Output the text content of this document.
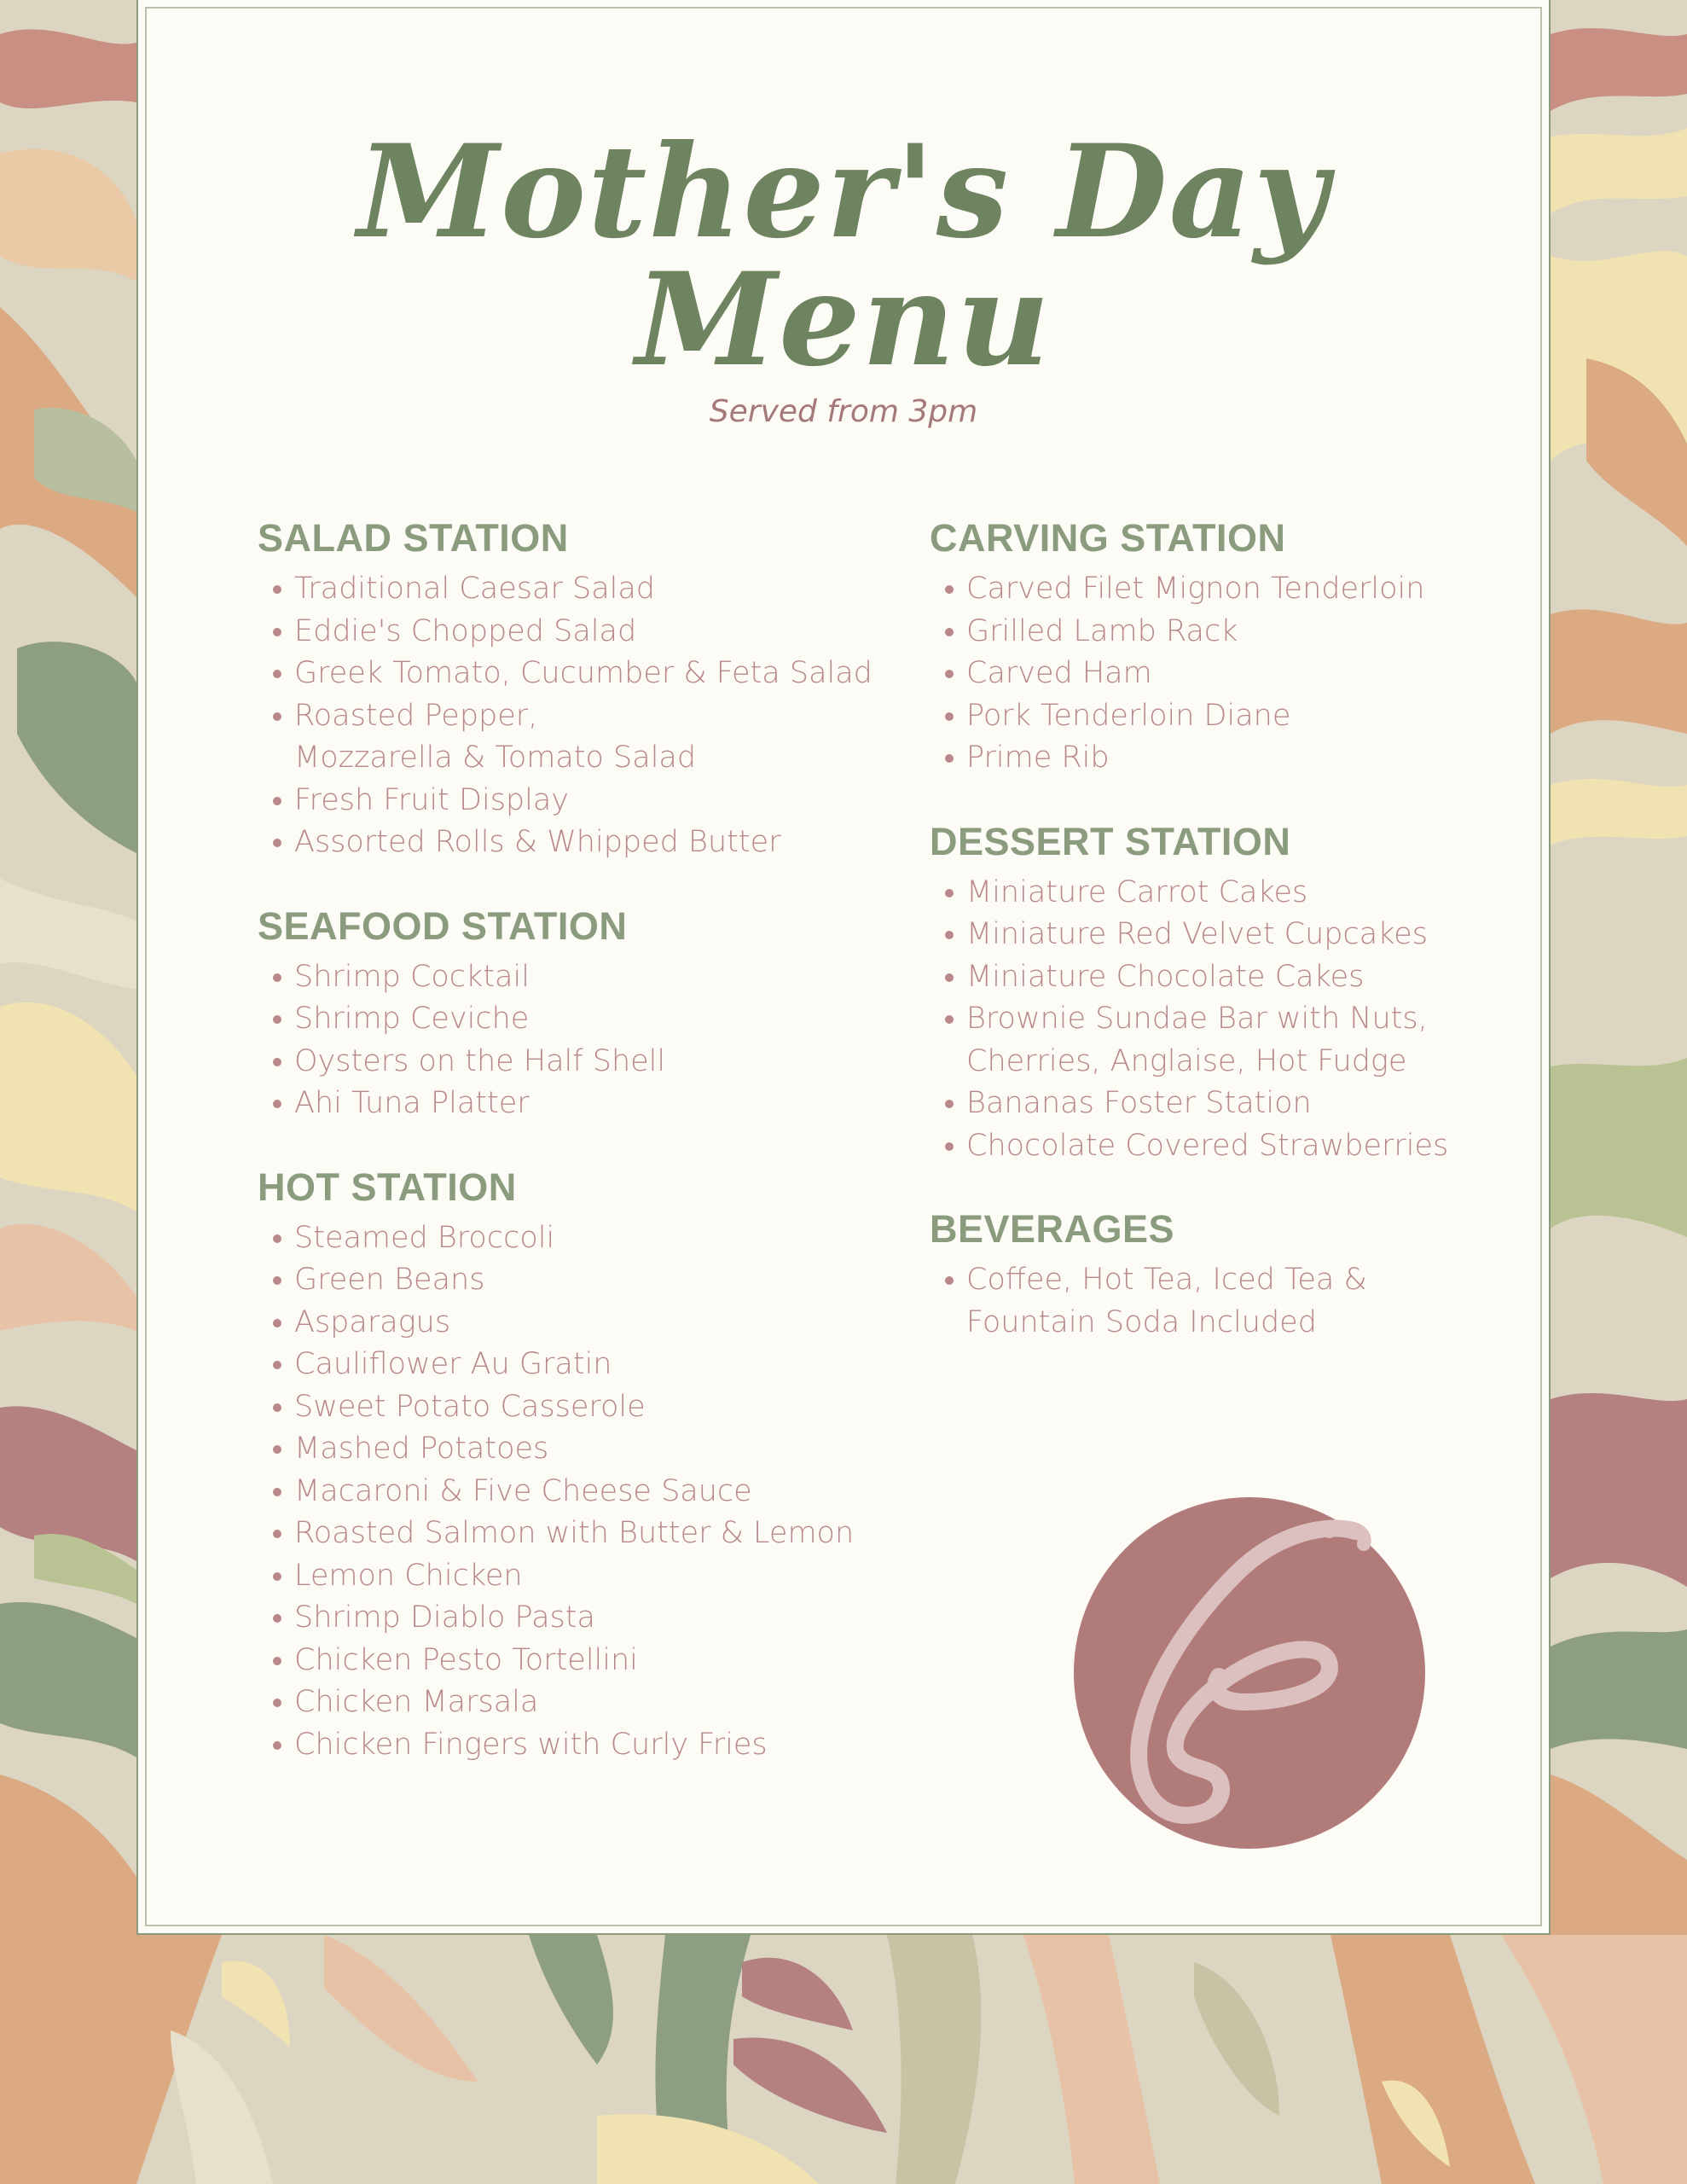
Mother's Day Menu

Served from 3pm

SALAD STATION
Traditional Caesar Salad
Eddie's Chopped Salad
Greek Tomato, Cucumber & Feta Salad
Roasted Pepper, Mozzarella & Tomato Salad
Fresh Fruit Display
Assorted Rolls & Whipped Butter
SEAFOOD STATION
Shrimp Cocktail
Shrimp Ceviche
Oysters on the Half Shell
Ahi Tuna Platter
HOT STATION
Steamed Broccoli
Green Beans
Asparagus
Cauliflower Au Gratin
Sweet Potato Casserole
Mashed Potatoes
Macaroni & Five Cheese Sauce
Roasted Salmon with Butter & Lemon
Lemon Chicken
Shrimp Diablo Pasta
Chicken Pesto Tortellini
Chicken Marsala
Chicken Fingers with Curly Fries
CARVING STATION
Carved Filet Mignon Tenderloin
Grilled Lamb Rack
Carved Ham
Pork Tenderloin Diane
Prime Rib
DESSERT STATION
Miniature Carrot Cakes
Miniature Red Velvet Cupcakes
Miniature Chocolate Cakes
Brownie Sundae Bar with Nuts, Cherries, Anglaise, Hot Fudge
Bananas Foster Station
Chocolate Covered Strawberries
BEVERAGES
Coffee, Hot Tea, Iced Tea & Fountain Soda Included
